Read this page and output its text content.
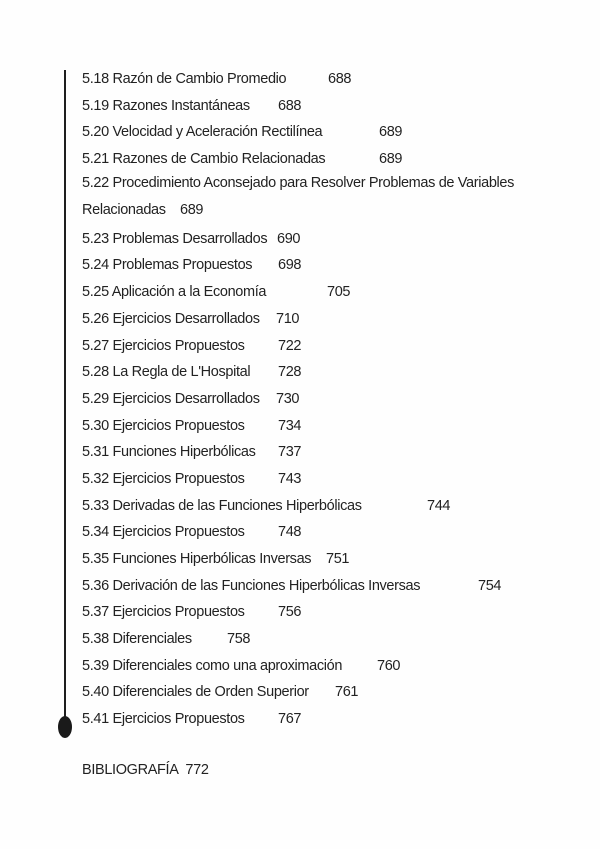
5.18 Razón de Cambio Promedio	688
5.19 Razones Instantáneas 688
5.20 Velocidad y Aceleración Rectilínea	689
5.21 Razones de Cambio Relacionadas	689
5.22 Procedimiento Aconsejado para Resolver Problemas de Variables
Relacionadas 689
5.23 Problemas Desarrollados 690
5.24 Problemas Propuestos 698
5.25 Aplicación a la Economía	705
5.26 Ejercicios Desarrollados 710
5.27 Ejercicios Propuestos 722
5.28 La Regla de L'Hospital 728
5.29 Ejercicios Desarrollados 730
5.30 Ejercicios Propuestos 734
5.31 Funciones Hiperbólicas 737
5.32 Ejercicios Propuestos 743
5.33 Derivadas de las Funciones Hiperbólicas	744
5.34 Ejercicios Propuestos 748
5.35 Funciones Hiperbólicas Inversas 751
5.36 Derivación de las Funciones Hiperbólicas Inversas	754
5.37 Ejercicios Propuestos 756
5.38 Diferenciales 758
5.39 Diferenciales como una aproximación 760
5.40 Diferenciales de Orden Superior 761
5.41 Ejercicios Propuestos 767
BIBLIOGRAFÍA 772
